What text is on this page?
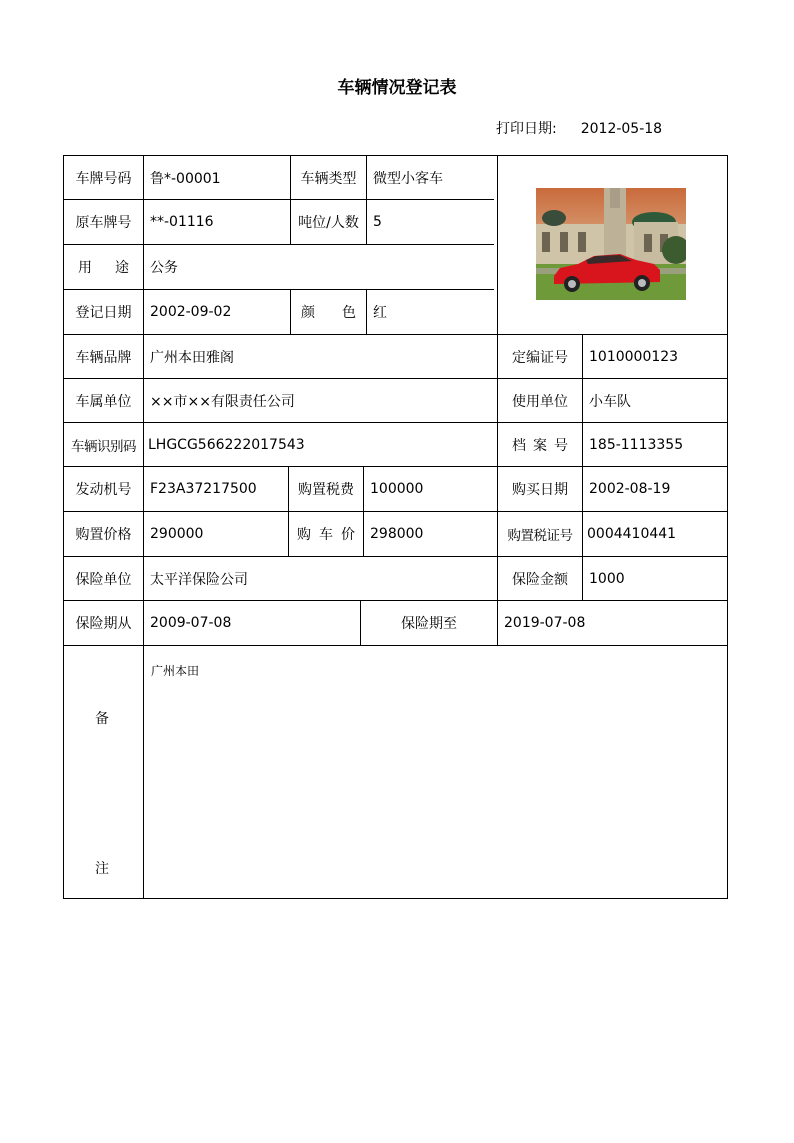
车辆情况登记表
打印日期: 2012-05-18
车牌号码	鲁*-00001	车辆类型	微型小客车
原车牌号	**-01116	吨位/人数	5
用 途	公务
登记日期	2002-09-02	颜 色	红
车辆品牌	广州本田雅阁	定编证号	1010000123
车属单位	××市××有限责任公司	使用单位	小车队
车辆识别码 LHGCG566222017543	档 案 号	185-1113355
发动机号	F23A37217500	购置税费	100000	购买日期	2002-08-19
购置价格	290000	购 车 价	298000	购置税证号	0004410441
保险单位	太平洋保险公司	保险金额	1000
保险期从	2009-07-08	保险期至	2019-07-08
备
注
广州本田
